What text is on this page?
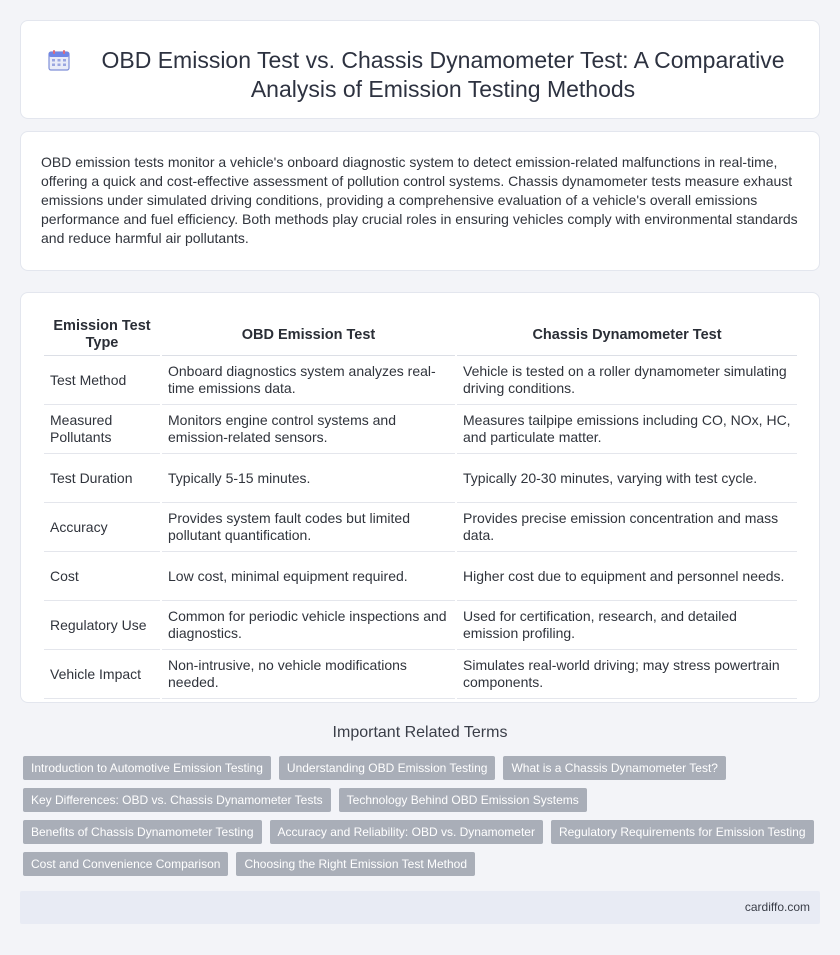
OBD Emission Test vs. Chassis Dynamometer Test: A Comparative Analysis of Emission Testing Methods

OBD emission tests monitor a vehicle's onboard diagnostic system to detect emission-related malfunctions in real-time, offering a quick and cost-effective assessment of pollution control systems. Chassis dynamometer tests measure exhaust emissions under simulated driving conditions, providing a comprehensive evaluation of a vehicle's overall emissions performance and fuel efficiency. Both methods play crucial roles in ensuring vehicles comply with environmental standards and reduce harmful air pollutants.

Emission Test Type	OBD Emission Test	Chassis Dynamometer Test
Test Method	Onboard diagnostics system analyzes real-time emissions data.	Vehicle is tested on a roller dynamometer simulating driving conditions.
Measured Pollutants	Monitors engine control systems and emission-related sensors.	Measures tailpipe emissions including CO, NOx, HC, and particulate matter.
Test Duration	Typically 5-15 minutes.	Typically 20-30 minutes, varying with test cycle.
Accuracy	Provides system fault codes but limited pollutant quantification.	Provides precise emission concentration and mass data.
Cost	Low cost, minimal equipment required.	Higher cost due to equipment and personnel needs.
Regulatory Use	Common for periodic vehicle inspections and diagnostics.	Used for certification, research, and detailed emission profiling.
Vehicle Impact	Non-intrusive, no vehicle modifications needed.	Simulates real-world driving; may stress powertrain components.
Important Related Terms
Introduction to Automotive Emission Testing	Understanding OBD Emission Testing	What is a Chassis Dynamometer Test?
Key Differences: OBD vs. Chassis Dynamometer Tests	Technology Behind OBD Emission Systems
Benefits of Chassis Dynamometer Testing	Accuracy and Reliability: OBD vs. Dynamometer	Regulatory Requirements for Emission Testing
Cost and Convenience Comparison	Choosing the Right Emission Test Method
cardiffo.com
